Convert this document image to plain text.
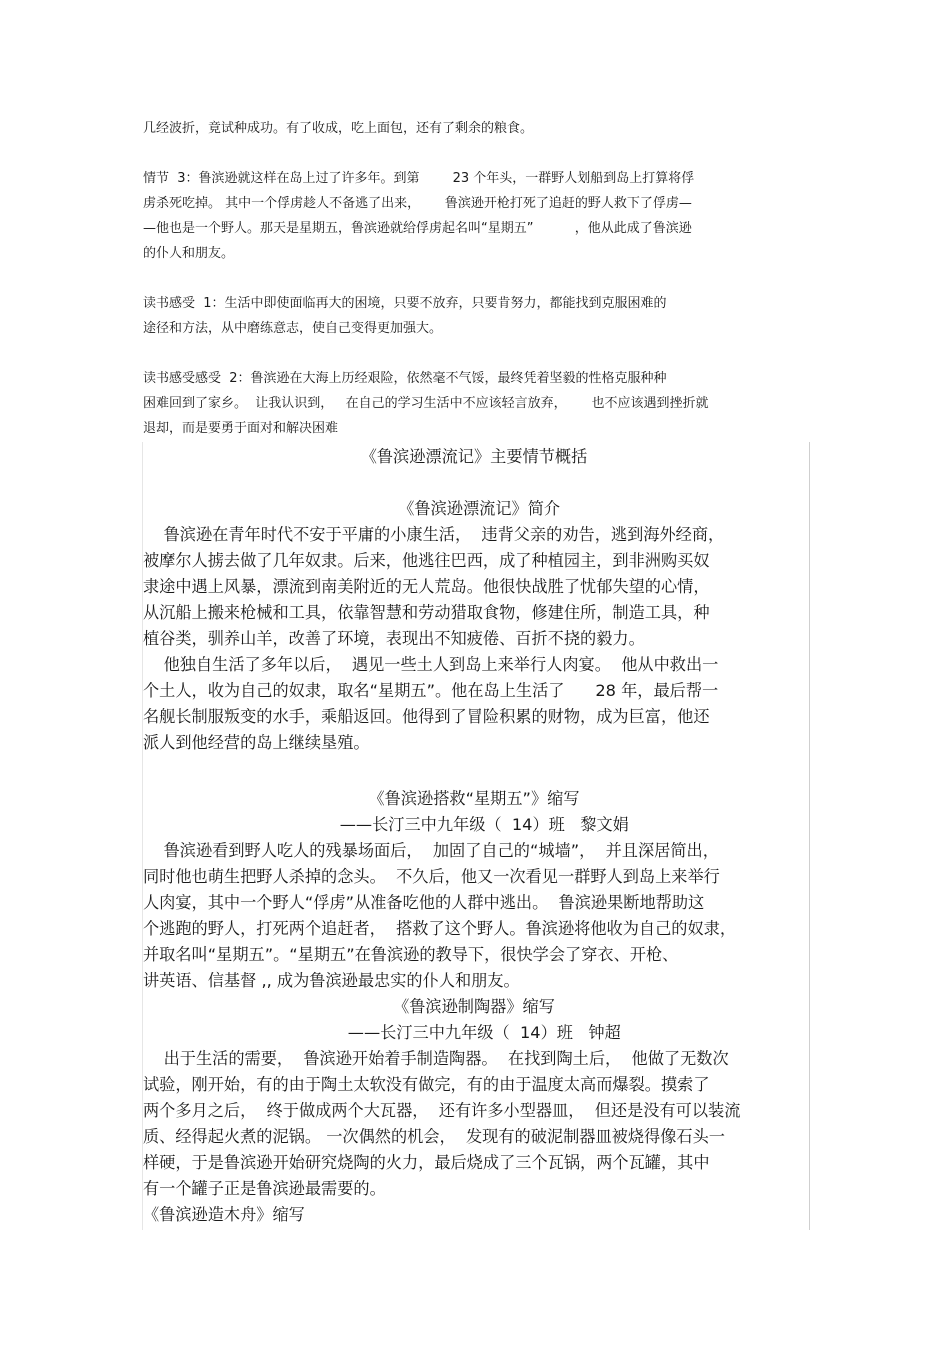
几经波折，竟试种成功。有了收成，吃上面包，还有了剩余的粮食。

情节  3：鲁滨逊就这样在岛上过了许多年。到第        23 个年头，一群野人划船到岛上打算将俘

虏杀死吃掉。 其中一个俘虏趁人不备逃了出来，      鲁滨逊开枪打死了追赶的野人救下了俘虏—

—他也是一个野人。那天是星期五，鲁滨逊就给俘虏起名叫“星期五”          ，他从此成了鲁滨逊

的仆人和朋友。

读书感受  1：生活中即使面临再大的困境，只要不放弃，只要肯努力，都能找到克服困难的

途径和方法，从中磨练意志，使自己变得更加强大。

读书感受感受  2：鲁滨逊在大海上历经艰险，依然毫不气馁，最终凭着坚毅的性格克服种种

困难回到了家乡。  让我认识到，   在自己的学习生活中不应该轻言放弃，      也不应该遇到挫折就

退却，而是要勇于面对和解决困难

《鲁滨逊漂流记》主要情节概括

《鲁滨逊漂流记》简介

鲁滨逊在青年时代不安于平庸的小康生活，  违背父亲的劝告，逃到海外经商，

被摩尔人掳去做了几年奴隶。后来，他逃往巴西，成了种植园主，到非洲购买奴

隶途中遇上风暴，漂流到南美附近的无人荒岛。他很快战胜了忧郁失望的心情，

从沉船上搬来枪械和工具，依靠智慧和劳动猎取食物，修建住所，制造工具，种

植谷类，驯养山羊，改善了环境，表现出不知疲倦、百折不挠的毅力。

他独自生活了多年以后，  遇见一些土人到岛上来举行人肉宴。  他从中救出一

个土人，收为自己的奴隶，取名“星期五”。他在岛上生活了      28 年，最后帮一

名舰长制服叛变的水手，乘船返回。他得到了冒险积累的财物，成为巨富，他还

派人到他经营的岛上继续垦殖。

《鲁滨逊搭救“星期五”》缩写

——长汀三中九年级（  14）班   黎文娟

鲁滨逊看到野人吃人的残暴场面后，  加固了自己的“城墙”，  并且深居简出，

同时他也萌生把野人杀掉的念头。  不久后，他又一次看见一群野人到岛上来举行

人肉宴，其中一个野人“俘虏”从准备吃他的人群中逃出。  鲁滨逊果断地帮助这

个逃跑的野人，打死两个追赶者，  搭救了这个野人。鲁滨逊将他收为自己的奴隶，

并取名叫“星期五”。“星期五”在鲁滨逊的教导下，很快学会了穿衣、开枪、

讲英语、信基督 ,, 成为鲁滨逊最忠实的仆人和朋友。

《鲁滨逊制陶器》缩写

——长汀三中九年级（  14）班   钟超

出于生活的需要，  鲁滨逊开始着手制造陶器。  在找到陶土后，  他做了无数次

试验，刚开始，有的由于陶土太软没有做完，有的由于温度太高而爆裂。摸索了

两个多月之后，  终于做成两个大瓦器，  还有许多小型器皿，  但还是没有可以装流

质、经得起火煮的泥锅。 一次偶然的机会，  发现有的破泥制器皿被烧得像石头一

样硬，于是鲁滨逊开始研究烧陶的火力，最后烧成了三个瓦锅，两个瓦罐，其中

有一个罐子正是鲁滨逊最需要的。

《鲁滨逊造木舟》缩写
